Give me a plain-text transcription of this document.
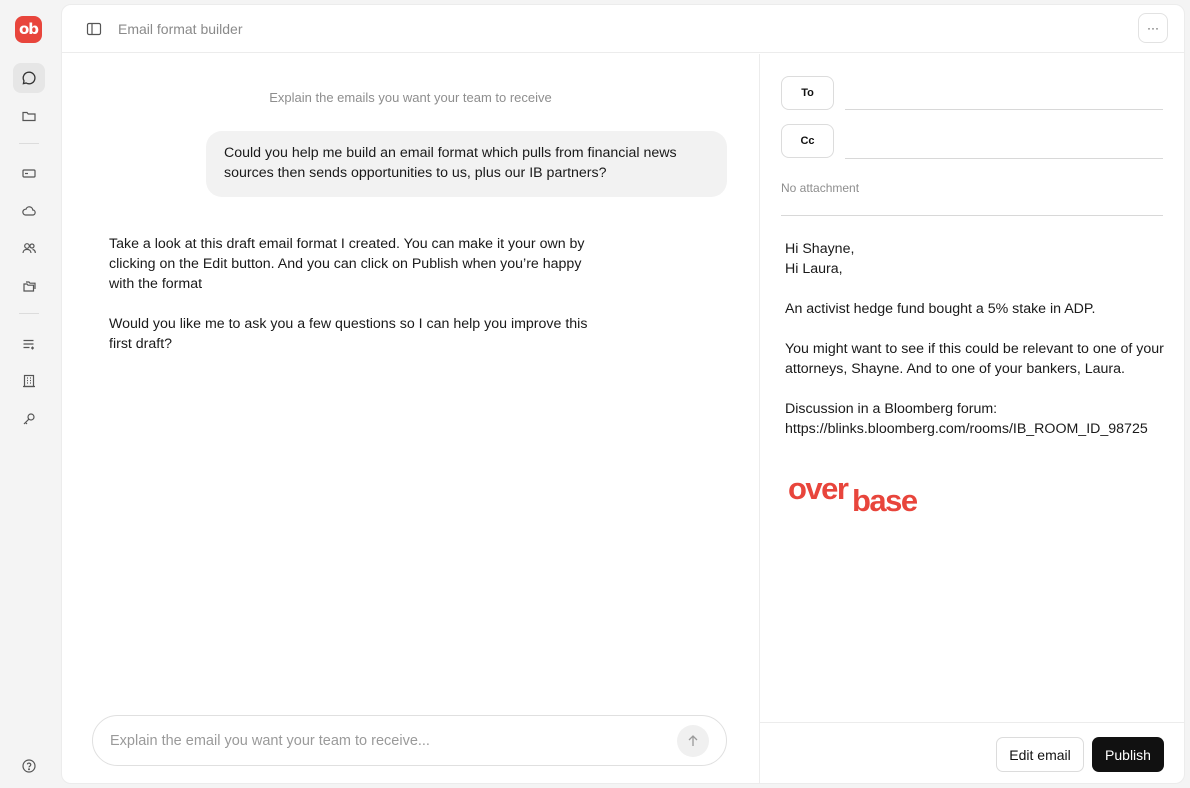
ob	Email format builder	···
Explain the emails you want your team to receive
Could you help me build an email format which pulls from financial news sources then sends opportunities to us, plus our IB partners?

Take a look at this draft email format I created. You can make it your own by clicking on the Edit button. And you can click on Publish when you’re happy with the format

Would you like me to ask you a few questions so I can help you improve this first draft?

Explain the email you want your team to receive...
To
Cc
No attachment
Hi Shayne,
Hi Laura,
An activist hedge fund bought a 5% stake in ADP.
You might want to see if this could be relevant to one of your attorneys, Shayne. And to one of your bankers, Laura.
Discussion in a Bloomberg forum:
https://blinks.bloomberg.com/rooms/IB_ROOM_ID_98725
over base
Edit email	Publish
